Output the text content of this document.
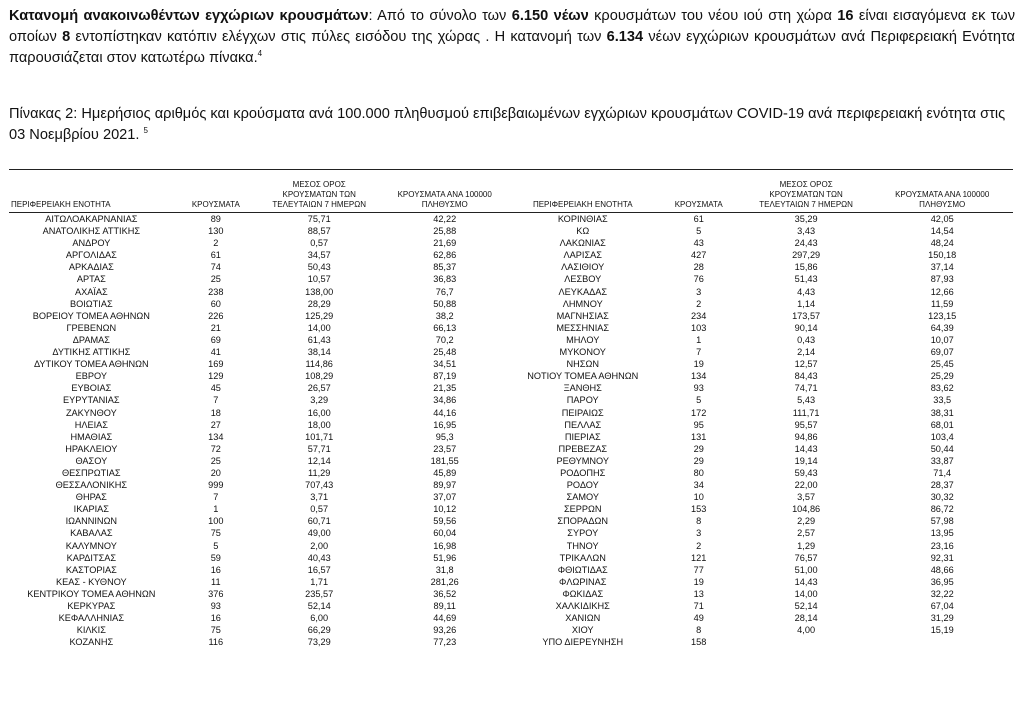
Κατανομή ανακοινωθέντων εγχώριων κρουσμάτων: Από το σύνολο των 6.150 νέων κρουσμάτων του νέου ιού στη χώρα 16 είναι εισαγόμενα εκ των οποίων 8 εντοπίστηκαν κατόπιν ελέγχων στις πύλες εισόδου της χώρας . Η κατανομή των 6.134 νέων εγχώριων κρουσμάτων ανά Περιφερειακή Ενότητα παρουσιάζεται στον κατωτέρω πίνακα.$^4$

Πίνακας 2: Ημερήσιος αριθμός και κρούσματα ανά 100.000 πληθυσμού επιβεβαιωμένων εγχώριων κρουσμάτων COVID-19 ανά περιφερειακή ενότητα στις 03 Νοεμβρίου 2021. $^5$

ΠΕΡΙΦΕΡΕΙΑΚΗ ΕΝΟΤΗΤΑ	ΚΡΟΥΣΜΑΤΑ	ΜΕΣΟΣ ΟΡΟΣ
ΚΡΟΥΣΜΑΤΩΝ ΤΩΝ
ΤΕΛΕΥΤΑΙΩΝ 7 ΗΜΕΡΩΝ	ΚΡΟΥΣΜΑΤΑ ΑΝΑ 100000
ΠΛΗΘΥΣΜΟ	ΠΕΡΙΦΕΡΕΙΑΚΗ ΕΝΟΤΗΤΑ	ΚΡΟΥΣΜΑΤΑ	ΜΕΣΟΣ ΟΡΟΣ
ΚΡΟΥΣΜΑΤΩΝ ΤΩΝ
ΤΕΛΕΥΤΑΙΩΝ 7 ΗΜΕΡΩΝ	ΚΡΟΥΣΜΑΤΑ ΑΝΑ 100000
ΠΛΗΘΥΣΜΟ
ΑΙΤΩΛΟΑΚΑΡΝΑΝΙΑΣ	89	75,71	42,22	ΚΟΡΙΝΘΙΑΣ	61	35,29	42,05
ΑΝΑΤΟΛΙΚΗΣ ΑΤΤΙΚΗΣ	130	88,57	25,88	ΚΩ	5	3,43	14,54
ΑΝΔΡΟΥ	2	0,57	21,69	ΛΑΚΩΝΙΑΣ	43	24,43	48,24
ΑΡΓΟΛΙΔΑΣ	61	34,57	62,86	ΛΑΡΙΣΑΣ	427	297,29	150,18
ΑΡΚΑΔΙΑΣ	74	50,43	85,37	ΛΑΣΙΘΙΟΥ	28	15,86	37,14
ΑΡΤΑΣ	25	10,57	36,83	ΛΕΣΒΟΥ	76	51,43	87,93
ΑΧΑΪΑΣ	238	138,00	76,7	ΛΕΥΚΑΔΑΣ	3	4,43	12,66
ΒΟΙΩΤΙΑΣ	60	28,29	50,88	ΛΗΜΝΟΥ	2	1,14	11,59
ΒΟΡΕΙΟΥ ΤΟΜΕΑ ΑΘΗΝΩΝ	226	125,29	38,2	ΜΑΓΝΗΣΙΑΣ	234	173,57	123,15
ΓΡΕΒΕΝΩΝ	21	14,00	66,13	ΜΕΣΣΗΝΙΑΣ	103	90,14	64,39
ΔΡΑΜΑΣ	69	61,43	70,2	ΜΗΛΟΥ	1	0,43	10,07
ΔΥΤΙΚΗΣ ΑΤΤΙΚΗΣ	41	38,14	25,48	ΜΥΚΟΝΟΥ	7	2,14	69,07
ΔΥΤΙΚΟΥ ΤΟΜΕΑ ΑΘΗΝΩΝ	169	114,86	34,51	ΝΗΣΩΝ	19	12,57	25,45
ΕΒΡΟΥ	129	108,29	87,19	ΝΟΤΙΟΥ ΤΟΜΕΑ ΑΘΗΝΩΝ	134	84,43	25,29
ΕΥΒΟΙΑΣ	45	26,57	21,35	ΞΑΝΘΗΣ	93	74,71	83,62
ΕΥΡΥΤΑΝΙΑΣ	7	3,29	34,86	ΠΑΡΟΥ	5	5,43	33,5
ΖΑΚΥΝΘΟΥ	18	16,00	44,16	ΠΕΙΡΑΙΩΣ	172	111,71	38,31
ΗΛΕΙΑΣ	27	18,00	16,95	ΠΕΛΛΑΣ	95	95,57	68,01
ΗΜΑΘΙΑΣ	134	101,71	95,3	ΠΙΕΡΙΑΣ	131	94,86	103,4
ΗΡΑΚΛΕΙΟΥ	72	57,71	23,57	ΠΡΕΒΕΖΑΣ	29	14,43	50,44
ΘΑΣΟΥ	25	12,14	181,55	ΡΕΘΥΜΝΟΥ	29	19,14	33,87
ΘΕΣΠΡΩΤΙΑΣ	20	11,29	45,89	ΡΟΔΟΠΗΣ	80	59,43	71,4
ΘΕΣΣΑΛΟΝΙΚΗΣ	999	707,43	89,97	ΡΟΔΟΥ	34	22,00	28,37
ΘΗΡΑΣ	7	3,71	37,07	ΣΑΜΟΥ	10	3,57	30,32
ΙΚΑΡΙΑΣ	1	0,57	10,12	ΣΕΡΡΩΝ	153	104,86	86,72
ΙΩΑΝΝΙΝΩΝ	100	60,71	59,56	ΣΠΟΡΑΔΩΝ	8	2,29	57,98
ΚΑΒΑΛΑΣ	75	49,00	60,04	ΣΥΡΟΥ	3	2,57	13,95
ΚΑΛΥΜΝΟΥ	5	2,00	16,98	ΤΗΝΟΥ	2	1,29	23,16
ΚΑΡΔΙΤΣΑΣ	59	40,43	51,96	ΤΡΙΚΑΛΩΝ	121	76,57	92,31
ΚΑΣΤΟΡΙΑΣ	16	16,57	31,8	ΦΘΙΩΤΙΔΑΣ	77	51,00	48,66
ΚΕΑΣ - ΚΥΘΝΟΥ	11	1,71	281,26	ΦΛΩΡΙΝΑΣ	19	14,43	36,95
ΚΕΝΤΡΙΚΟΥ ΤΟΜΕΑ ΑΘΗΝΩΝ	376	235,57	36,52	ΦΩΚΙΔΑΣ	13	14,00	32,22
ΚΕΡΚΥΡΑΣ	93	52,14	89,11	ΧΑΛΚΙΔΙΚΗΣ	71	52,14	67,04
ΚΕΦΑΛΛΗΝΙΑΣ	16	6,00	44,69	ΧΑΝΙΩΝ	49	28,14	31,29
ΚΙΛΚΙΣ	75	66,29	93,26	ΧΙΟΥ	8	4,00	15,19
ΚΟΖΑΝΗΣ	116	73,29	77,23	ΥΠΟ ΔΙΕΡΕΥΝΗΣΗ	158		
